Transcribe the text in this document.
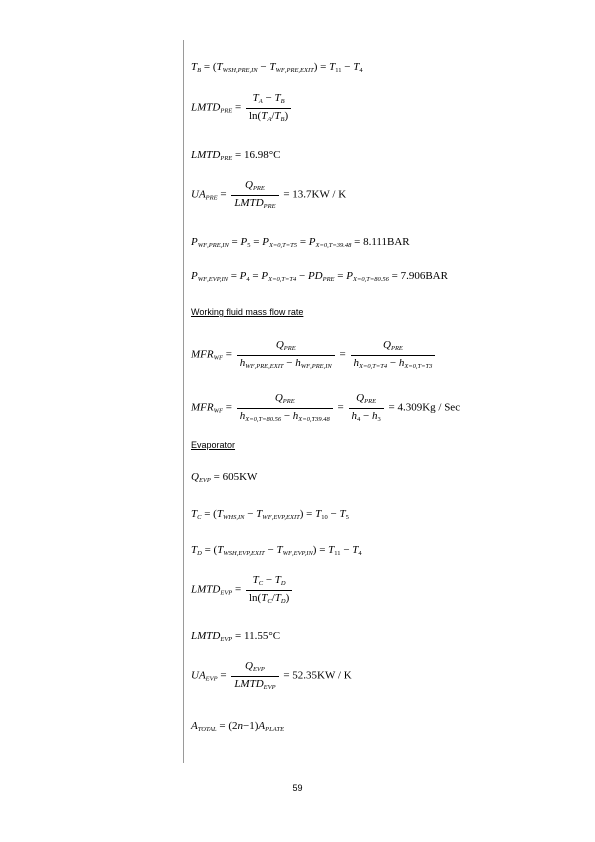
$T_B = (T_{WSH,PRE,IN} - T_{WF,PRE,EXIT}) = T_{11} - T_4$
$LMTD_{PRE} = \frac{T_A - T_B}{\ln(T_A/T_B)}$
$LMTD_{PRE} = 16.98^\circ C$
$UA_{PRE} = \frac{Q_{PRE}}{LMTD_{PRE}} = 13.7KW / K$
$P_{WF,PRE,IN} = P_5 = P_{X=0,T=T5} = P_{X=0,T=39.48} = 8.111BAR$
$P_{WF,EVP,IN} = P_4 = P_{X=0,T=T4} - PD_{PRE} = P_{X=0,T=80.56} = 7.906BAR$
Working fluid mass flow rate
$MFR_{WF} = \frac{Q_{PRE}}{h_{WF,PRE,EXIT} - h_{WF,PRE,IN}} = \frac{Q_{PRE}}{h_{X=0,T=T4} - h_{X=0,T=T3}}$
$MFR_{WF} = \frac{Q_{PRE}}{h_{X=0,T=80.56} - h_{X=0,T39.48}} = \frac{Q_{PRE}}{h_4 - h_3} = 4.309Kg$ / Sec
Evaporator
$Q_{EVP} = 605KW$
$T_C = (T_{WHS,IN} - T_{WF,EVP,EXIT}) = T_{10} - T_5$
$T_D = (T_{WSH,EVP,EXIT} - T_{WF,EVP,IN}) = T_{11} - T_4$
$LMTD_{EVP} = \frac{T_C - T_D}{\ln(T_C/T_D)}$
$LMTD_{EVP} = 11.55^\circ C$
$UA_{EVP} = \frac{Q_{EVP}}{LMTD_{EVP}} = 52.35KW / K$
$A_{TOTAL} = (2n-1)A_{PLATE}$
59
